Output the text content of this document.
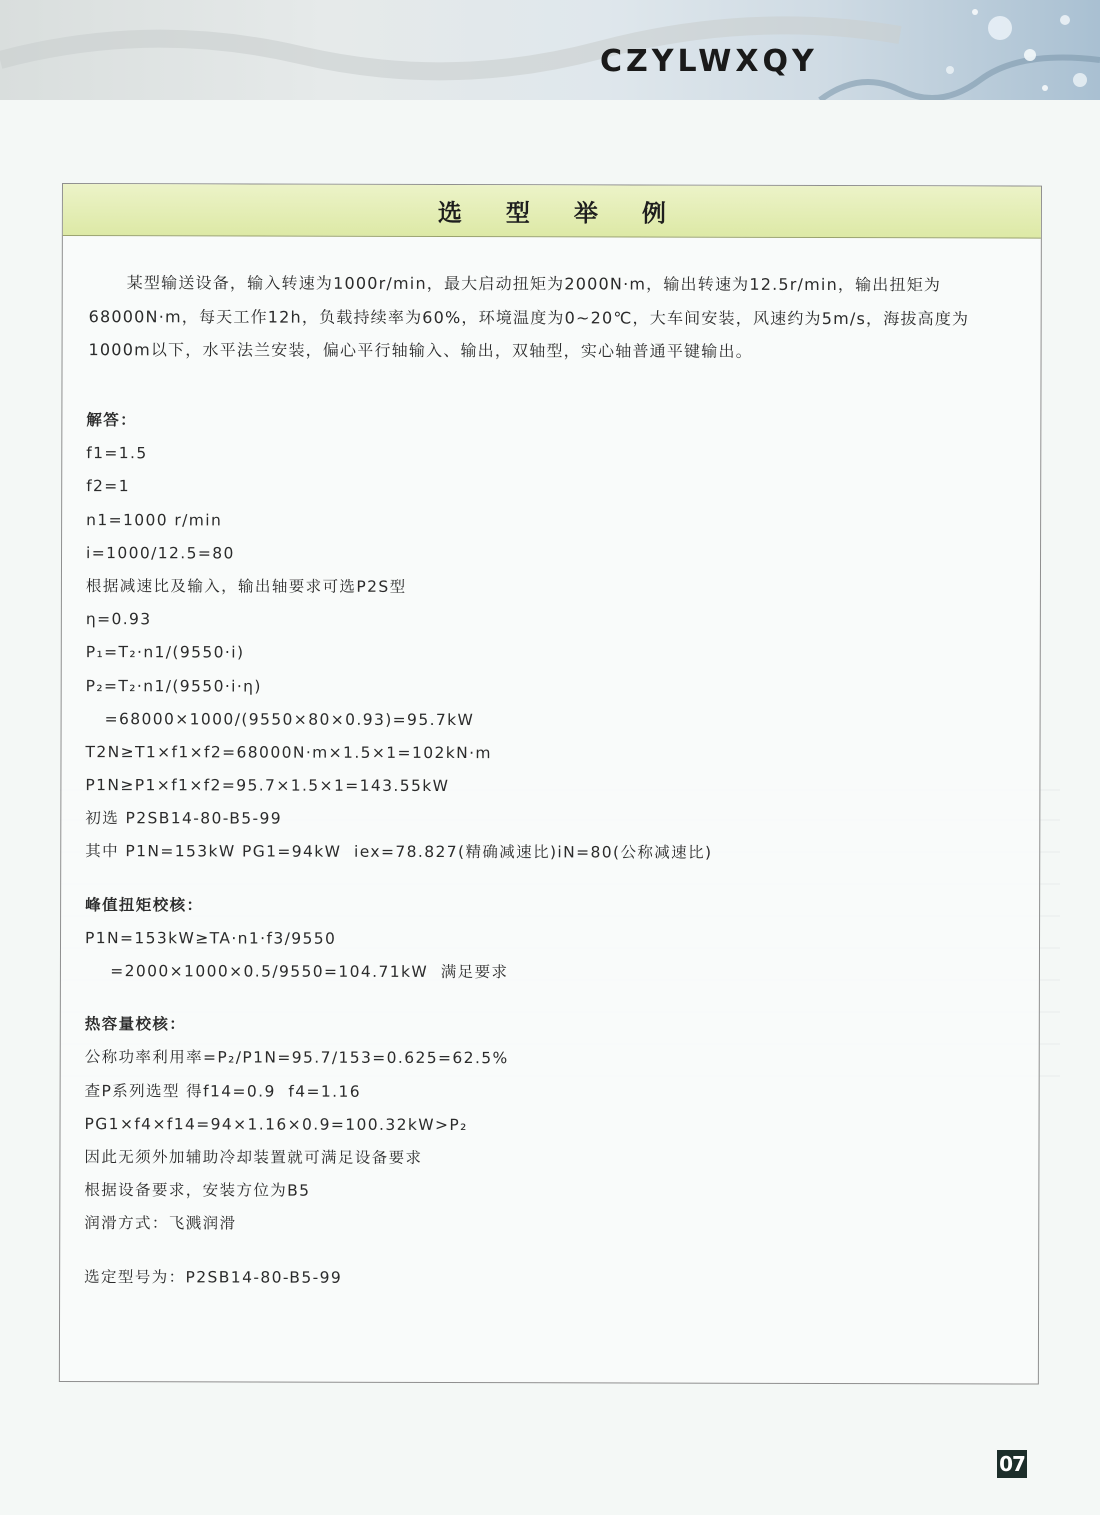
CZYLWXQY
选型举例
某型输送设备，输入转速为1000r/min，最大启动扭矩为2000N·m，输出转速为12.5r/min，输出扭矩为68000N·m，每天工作12h，负载持续率为60%，环境温度为0~20℃，大车间安装，风速约为5m/s，海拔高度为1000m以下，水平法兰安装，偏心平行轴输入、输出，双轴型，实心轴普通平键输出。
解答：
f1=1.5
f2=1
n1=1000 r/min
i=1000/12.5=80
根据减速比及输入，输出轴要求可选P2S型
η=0.93
P₁=T₂·n1/(9550·i)
P₂=T₂·n1/(9550·i·η)
=68000×1000/(9550×80×0.93)=95.7kW
T2N≥T1×f1×f2=68000N·m×1.5×1=102kN·m
P1N≥P1×f1×f2=95.7×1.5×1=143.55kW
初选 P2SB14-80-B5-99
其中 P1N=153kW PG1=94kW  iex=78.827(精确减速比)iN=80(公称减速比)
峰值扭矩校核：
P1N=153kW≥TA·n1·f3/9550
=2000×1000×0.5/9550=104.71kW  满足要求
热容量校核：
公称功率利用率=P₂/P1N=95.7/153=0.625=62.5%
查P系列选型 得f14=0.9  f4=1.16
PG1×f4×f14=94×1.16×0.9=100.32kW>P₂
因此无须外加辅助冷却装置就可满足设备要求
根据设备要求，安装方位为B5
润滑方式：飞溅润滑
选定型号为：P2SB14-80-B5-99
07
